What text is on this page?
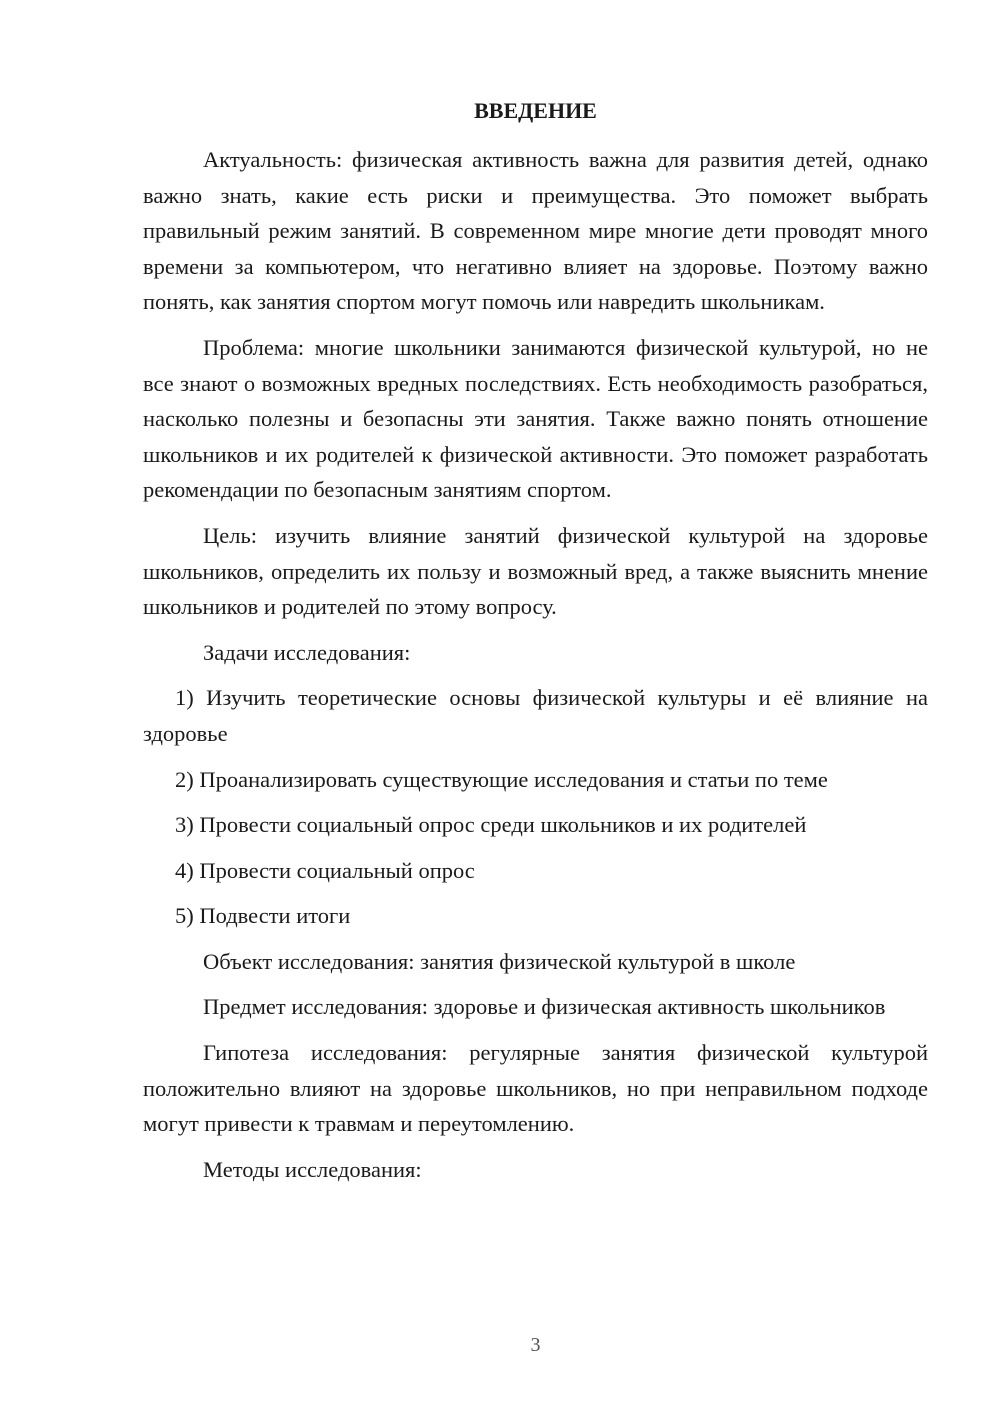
ВВЕДЕНИЕ

Актуальность: физическая активность важна для развития детей, однако важно знать, какие есть риски и преимущества. Это поможет выбрать правильный режим занятий. В современном мире многие дети проводят много времени за компьютером, что негативно влияет на здоровье. Поэтому важно понять, как занятия спортом могут помочь или навредить школьникам.

Проблема: многие школьники занимаются физической культурой, но не все знают о возможных вредных последствиях. Есть необходимость разобраться, насколько полезны и безопасны эти занятия. Также важно понять отношение школьников и их родителей к физической активности. Это поможет разработать рекомендации по безопасным занятиям спортом.

Цель: изучить влияние занятий физической культурой на здоровье школьников, определить их пользу и возможный вред, а также выяснить мнение школьников и родителей по этому вопросу.

Задачи исследования:

1) Изучить теоретические основы физической культуры и её влияние на здоровье

2) Проанализировать существующие исследования и статьи по теме

3) Провести социальный опрос среди школьников и их родителей

4) Провести социальный опрос

5) Подвести итоги

Объект исследования: занятия физической культурой в школе

Предмет исследования: здоровье и физическая активность школьников

Гипотеза исследования: регулярные занятия физической культурой положительно влияют на здоровье школьников, но при неправильном подходе могут привести к травмам и переутомлению.

Методы исследования:

3
